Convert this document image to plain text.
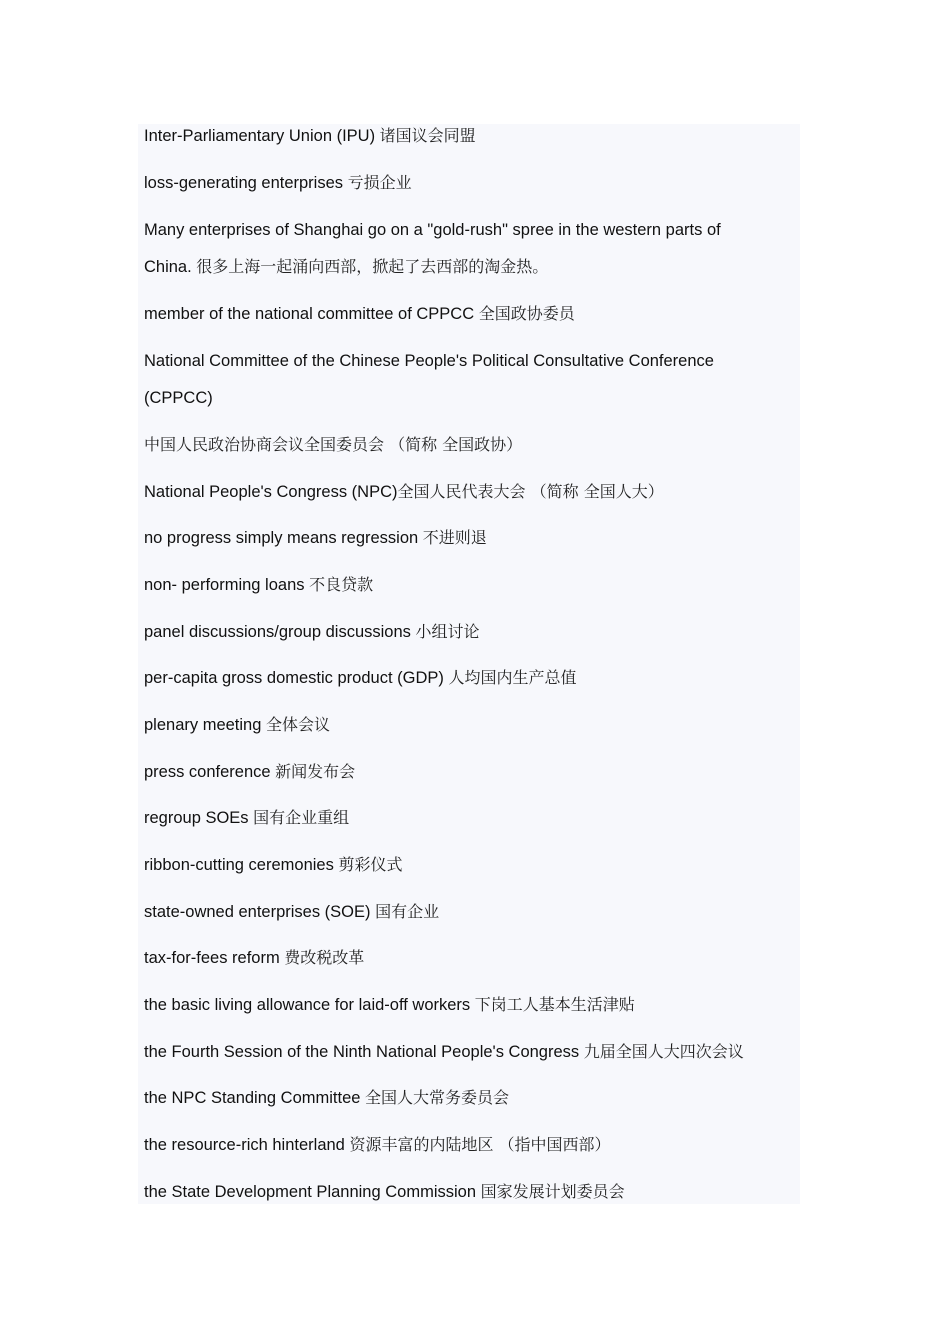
Inter-Parliamentary Union (IPU) 诸国议会同盟

loss-generating enterprises 亏损企业

Many enterprises of Shanghai go on a "gold-rush" spree in the western parts of

China. 很多上海一起涌向西部，掀起了去西部的淘金热。

member of the national committee of CPPCC 全国政协委员

National Committee of the Chinese People's Political Consultative Conference

(CPPCC)

中国人民政治协商会议全国委员会 （简称 全国政协）

National People's Congress (NPC)全国人民代表大会 （简称 全国人大）

no progress simply means regression 不进则退

non- performing loans 不良贷款

panel discussions/group discussions 小组讨论

per-capita gross domestic product (GDP) 人均国内生产总值

plenary meeting 全体会议

press conference 新闻发布会

regroup SOEs 国有企业重组

ribbon-cutting ceremonies 剪彩仪式

state-owned enterprises (SOE) 国有企业

tax-for-fees reform 费改税改革

the basic living allowance for laid-off workers 下岗工人基本生活津贴

the Fourth Session of the Ninth National People's Congress 九届全国人大四次会议

the NPC Standing Committee 全国人大常务委员会

the resource-rich hinterland 资源丰富的内陆地区 （指中国西部）

the State Development Planning Commission 国家发展计划委员会
